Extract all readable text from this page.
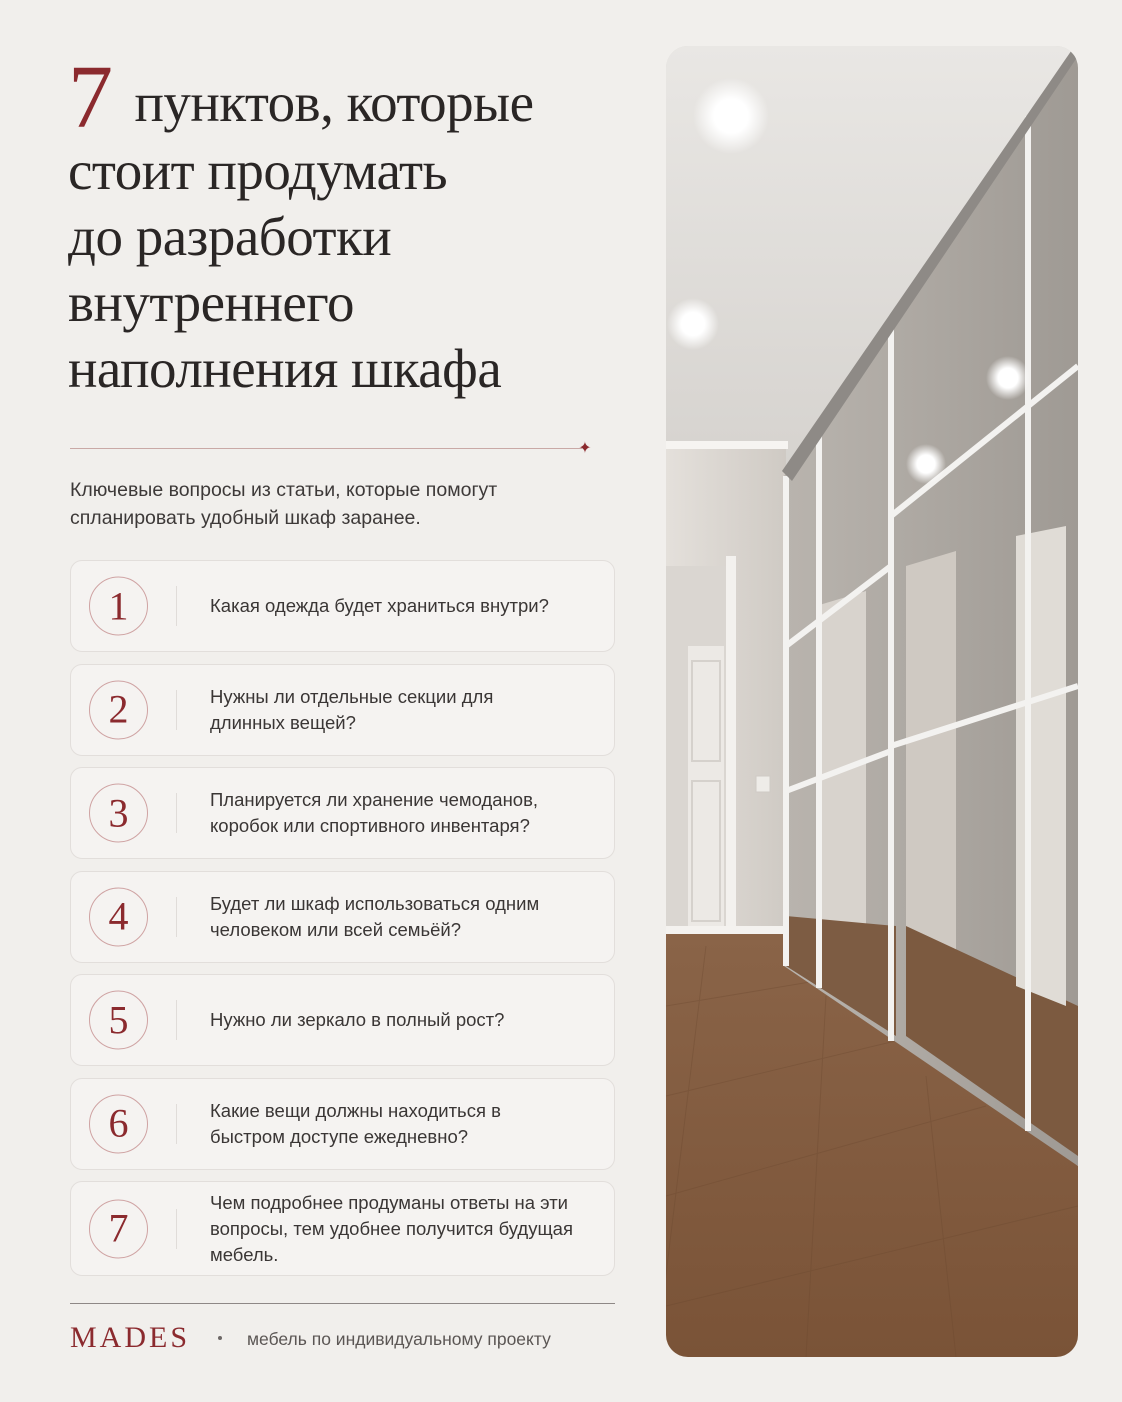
7 пунктов, которые
стоит продумать
до разработки
внутреннего
наполнения шкафа
✦
Ключевые вопросы из статьи, которые помогут спланировать удобный шкаф заранее.
1	Какая одежда будет храниться внутри?
2	Нужны ли отдельные секции для длинных вещей?
3	Планируется ли хранение чемоданов, коробок или спортивного инвентаря?
4	Будет ли шкаф использоваться одним человеком или всей семьёй?
5	Нужно ли зеркало в полный рост?
6	Какие вещи должны находиться в быстром доступе ежедневно?
7
Чем подробнее продуманы ответы на эти вопросы, тем удобнее получится будущая мебель.
MADES	мебель по индивидуальному проекту
